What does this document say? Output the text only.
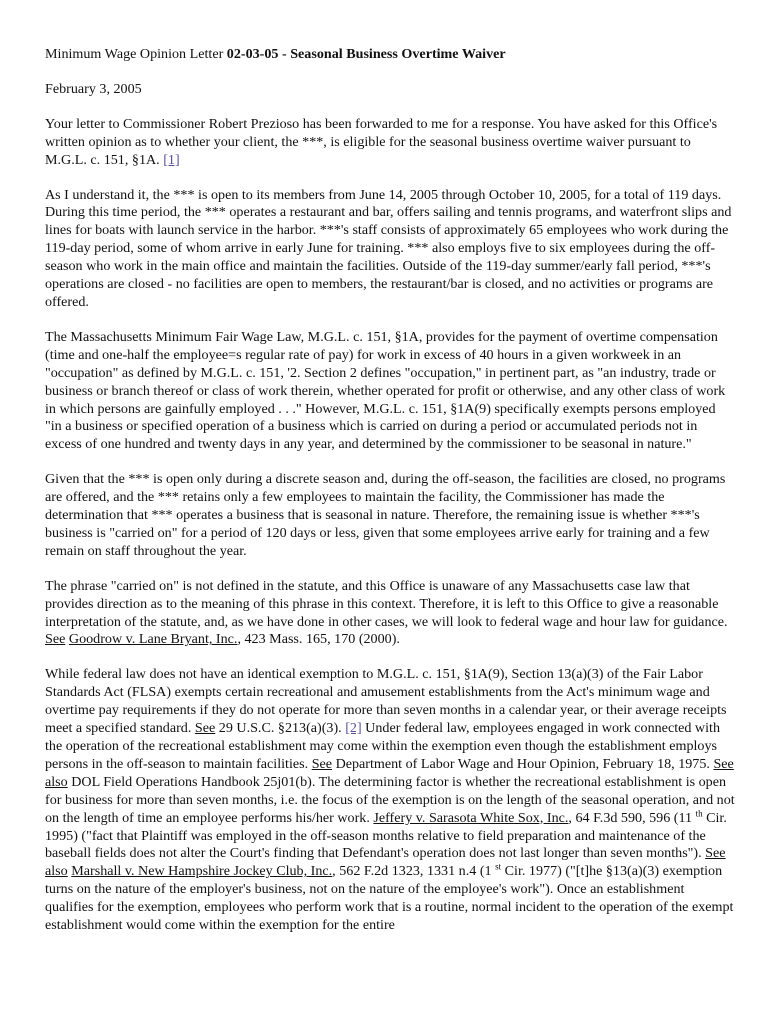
Minimum Wage Opinion Letter 02-03-05 - Seasonal Business Overtime Waiver
February 3, 2005

Your letter to Commissioner Robert Prezioso has been forwarded to me for a response. You have asked for this Office's written opinion as to whether your client, the ***, is eligible for the seasonal business overtime waiver pursuant to M.G.L. c. 151, §1A. [1]

As I understand it, the *** is open to its members from June 14, 2005 through October 10, 2005, for a total of 119 days. During this time period, the *** operates a restaurant and bar, offers sailing and tennis programs, and waterfront slips and lines for boats with launch service in the harbor. ***'s staff consists of approximately 65 employees who work during the 119-day period, some of whom arrive in early June for training. *** also employs five to six employees during the off-season who work in the main office and maintain the facilities. Outside of the 119-day summer/early fall period, ***'s operations are closed - no facilities are open to members, the restaurant/bar is closed, and no activities or programs are offered.

The Massachusetts Minimum Fair Wage Law, M.G.L. c. 151, §1A, provides for the payment of overtime compensation (time and one-half the employee=s regular rate of pay) for work in excess of 40 hours in a given workweek in an "occupation" as defined by M.G.L. c. 151, '2. Section 2 defines "occupation," in pertinent part, as "an industry, trade or business or branch thereof or class of work therein, whether operated for profit or otherwise, and any other class of work in which persons are gainfully employed . . ." However, M.G.L. c. 151, §1A(9) specifically exempts persons employed "in a business or specified operation of a business which is carried on during a period or accumulated periods not in excess of one hundred and twenty days in any year, and determined by the commissioner to be seasonal in nature."

Given that the *** is open only during a discrete season and, during the off-season, the facilities are closed, no programs are offered, and the *** retains only a few employees to maintain the facility, the Commissioner has made the determination that *** operates a business that is seasonal in nature. Therefore, the remaining issue is whether ***'s business is "carried on" for a period of 120 days or less, given that some employees arrive early for training and a few remain on staff throughout the year.

The phrase "carried on" is not defined in the statute, and this Office is unaware of any Massachusetts case law that provides direction as to the meaning of this phrase in this context. Therefore, it is left to this Office to give a reasonable interpretation of the statute, and, as we have done in other cases, we will look to federal wage and hour law for guidance. See Goodrow v. Lane Bryant, Inc., 423 Mass. 165, 170 (2000).

While federal law does not have an identical exemption to M.G.L. c. 151, §1A(9), Section 13(a)(3) of the Fair Labor Standards Act (FLSA) exempts certain recreational and amusement establishments from the Act's minimum wage and overtime pay requirements if they do not operate for more than seven months in a calendar year, or their average receipts meet a specified standard. See 29 U.S.C. §213(a)(3). [2] Under federal law, employees engaged in work connected with the operation of the recreational establishment may come within the exemption even though the establishment employs persons in the off-season to maintain facilities. See Department of Labor Wage and Hour Opinion, February 18, 1975. See also DOL Field Operations Handbook 25j01(b). The determining factor is whether the recreational establishment is open for business for more than seven months, i.e. the focus of the exemption is on the length of the seasonal operation, and not on the length of time an employee performs his/her work. Jeffery v. Sarasota White Sox, Inc., 64 F.3d 590, 596 (11 $^{th}$ Cir. 1995) ("fact that Plaintiff was employed in the off-season months relative to field preparation and maintenance of the baseball fields does not alter the Court's finding that Defendant's operation does not last longer than seven months"). See also Marshall v. New Hampshire Jockey Club, Inc., 562 F.2d 1323, 1331 n.4 (1 $^{st}$ Cir. 1977) ("[t]he §13(a)(3) exemption turns on the nature of the employer's business, not on the nature of the employee's work"). Once an establishment qualifies for the exemption, employees who perform work that is a routine, normal incident to the operation of the exempt establishment would come within the exemption for the entire
